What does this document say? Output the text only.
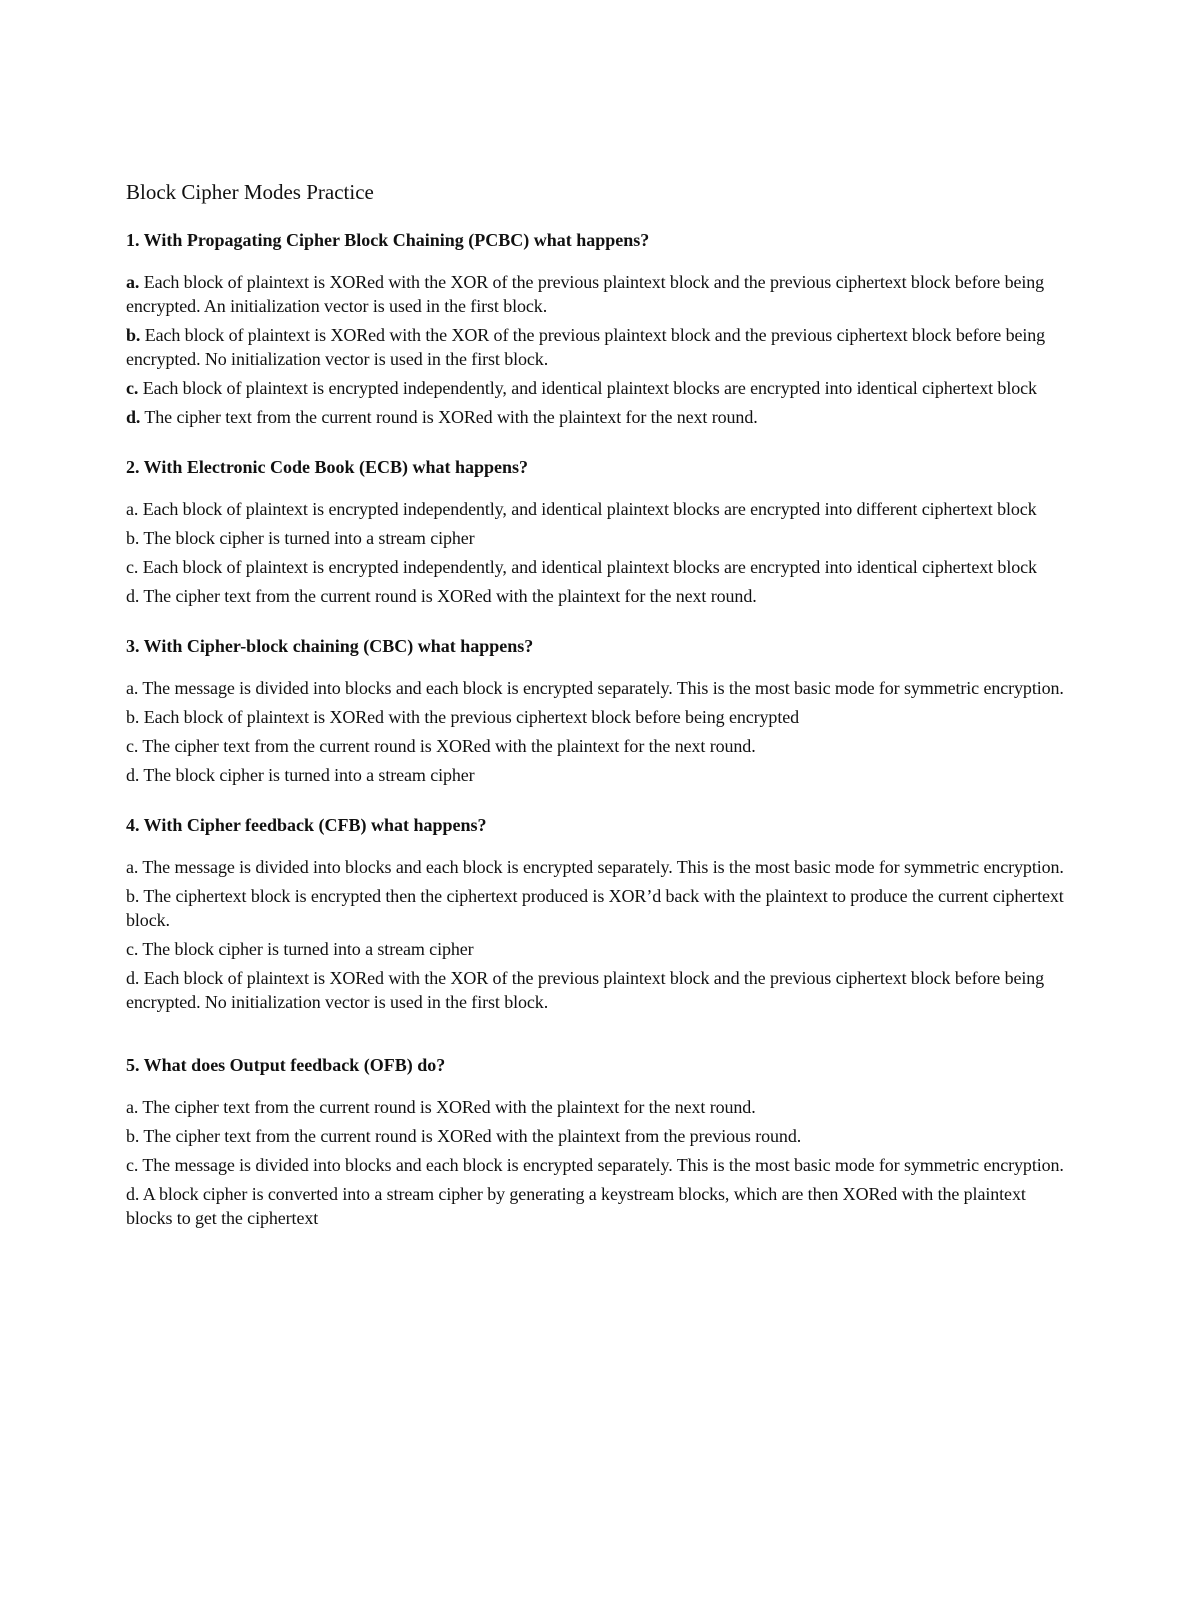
Block Cipher Modes Practice
1. With Propagating Cipher Block Chaining (PCBC) what happens?
a. Each block of plaintext is XORed with the XOR of the previous plaintext block and the previous ciphertext block before being encrypted. An initialization vector is used in the first block.
b. Each block of plaintext is XORed with the XOR of the previous plaintext block and the previous ciphertext block before being encrypted. No initialization vector is used in the first block.
c. Each block of plaintext is encrypted independently, and identical plaintext blocks are encrypted into identical ciphertext block
d. The cipher text from the current round is XORed with the plaintext for the next round.
2. With Electronic Code Book (ECB) what happens?
a. Each block of plaintext is encrypted independently, and identical plaintext blocks are encrypted into different ciphertext block
b. The block cipher is turned into a stream cipher
c. Each block of plaintext is encrypted independently, and identical plaintext blocks are encrypted into identical ciphertext block
d. The cipher text from the current round is XORed with the plaintext for the next round.
3. With Cipher-block chaining (CBC) what happens?
a. The message is divided into blocks and each block is encrypted separately. This is the most basic mode for symmetric encryption.
b. Each block of plaintext is XORed with the previous ciphertext block before being encrypted
c. The cipher text from the current round is XORed with the plaintext for the next round.
d. The block cipher is turned into a stream cipher
4. With Cipher feedback (CFB) what happens?
a. The message is divided into blocks and each block is encrypted separately. This is the most basic mode for symmetric encryption.
b. The ciphertext block is encrypted then the ciphertext produced is XOR’d back with the plaintext to produce the current ciphertext block.
c. The block cipher is turned into a stream cipher
d. Each block of plaintext is XORed with the XOR of the previous plaintext block and the previous ciphertext block before being encrypted. No initialization vector is used in the first block.
5. What does Output feedback (OFB) do?
a. The cipher text from the current round is XORed with the plaintext for the next round.
b. The cipher text from the current round is XORed with the plaintext from the previous round.
c. The message is divided into blocks and each block is encrypted separately. This is the most basic mode for symmetric encryption.
d. A block cipher is converted into a stream cipher by generating a keystream blocks, which are then XORed with the plaintext blocks to get the ciphertext
